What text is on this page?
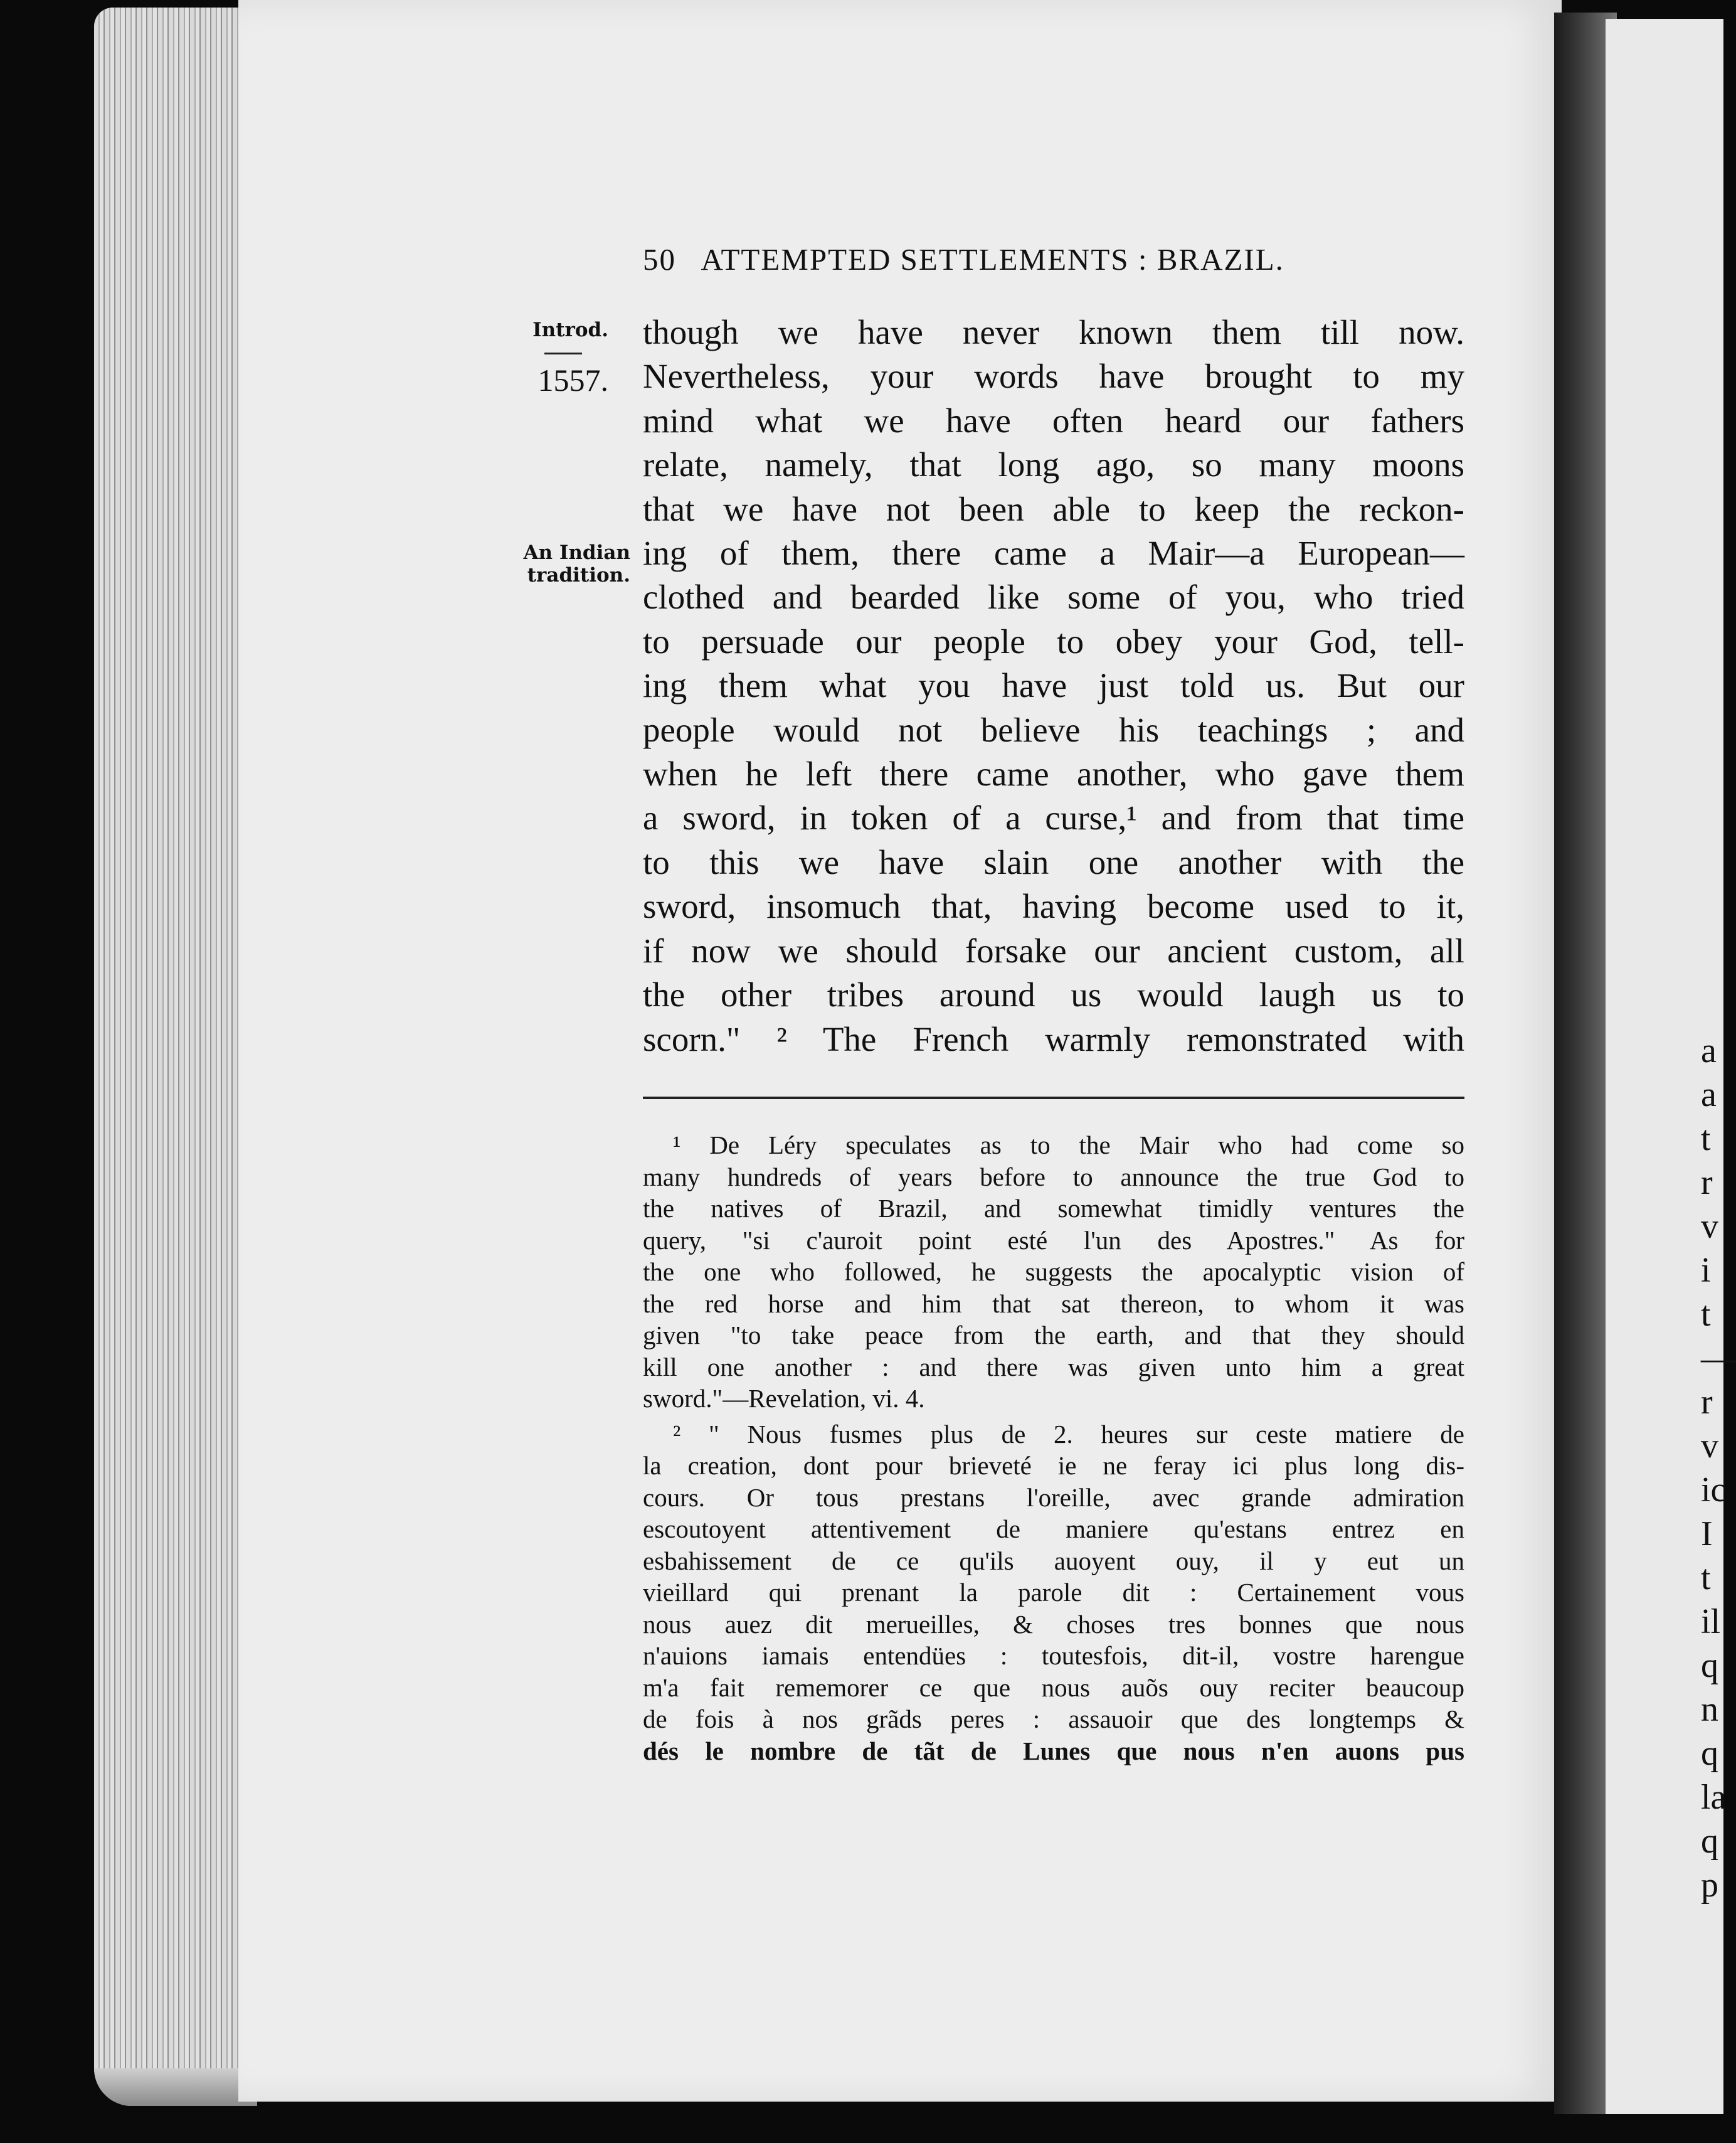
a
a
t
r
v
i
t
—
r
v
ic
I
t
il
q
n
q
la
q
p
50 ATTEMPTED SETTLEMENTS : BRAZIL.
Introd.
1557.
An Indian
tradition.
though we have never known them till now.
Nevertheless, your words have brought to my
mind what we have often heard our fathers
relate, namely, that long ago, so many moons
that we have not been able to keep the reckon-
ing of them, there came a Mair—a European—
clothed and bearded like some of you, who tried
to persuade our people to obey your God, tell-
ing them what you have just told us. But our
people would not believe his teachings ; and
when he left there came another, who gave them
a sword, in token of a curse,¹ and from that time
to this we have slain one another with the
sword, insomuch that, having become used to it,
if now we should forsake our ancient custom, all
the other tribes around us would laugh us to
scorn." ² The French warmly remonstrated with
¹ De Léry speculates as to the Mair who had come so
many hundreds of years before to announce the true God to
the natives of Brazil, and somewhat timidly ventures the
query, "si c'auroit point esté l'un des Apostres." As for
the one who followed, he suggests the apocalyptic vision of
the red horse and him that sat thereon, to whom it was
given "to take peace from the earth, and that they should
kill one another : and there was given unto him a great
sword."—Revelation, vi. 4.
² " Nous fusmes plus de 2. heures sur ceste matiere de
la creation, dont pour brieveté ie ne feray ici plus long dis-
cours. Or tous prestans l'oreille, avec grande admiration
escoutoyent attentivement de maniere qu'estans entrez en
esbahissement de ce qu'ils auoyent ouy, il y eut un
vieillard qui prenant la parole dit : Certainement vous
nous auez dit merueilles, & choses tres bonnes que nous
n'auions iamais entendües : toutesfois, dit-il, vostre harengue
m'a fait rememorer ce que nous auõs ouy reciter beaucoup
de fois à nos grãds peres : assauoir que des longtemps &
dés le nombre de tãt de Lunes que nous n'en auons pus
